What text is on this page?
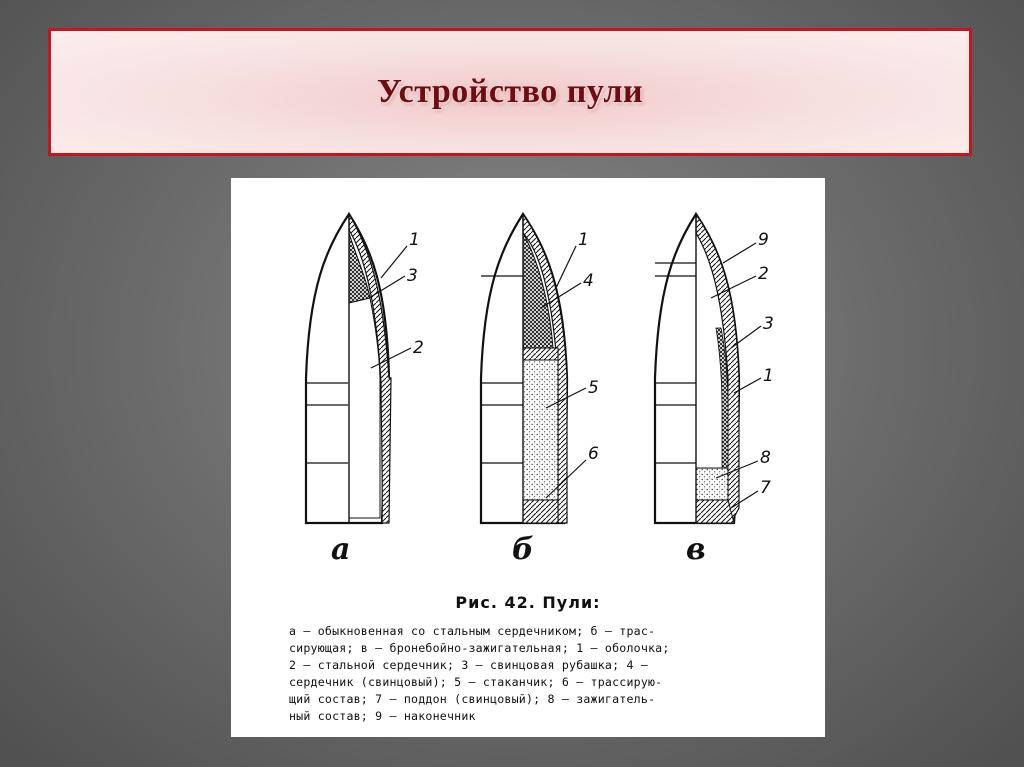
Устройство пули
1
3
2
1
4
5
6
9
2
3
1
8
7
а	б	в
Рис. 42. Пули:
а — обыкновенная со стальным сердечником; б — трас-
сирующая; в — бронебойно-зажигательная; 1 — оболочка;
2 — стальной сердечник; 3 — свинцовая рубашка; 4 —
сердечник (свинцовый); 5 — стаканчик; 6 — трассирую-
щий состав; 7 — поддон (свинцовый); 8 — зажигатель-
ный состав; 9 — наконечник
